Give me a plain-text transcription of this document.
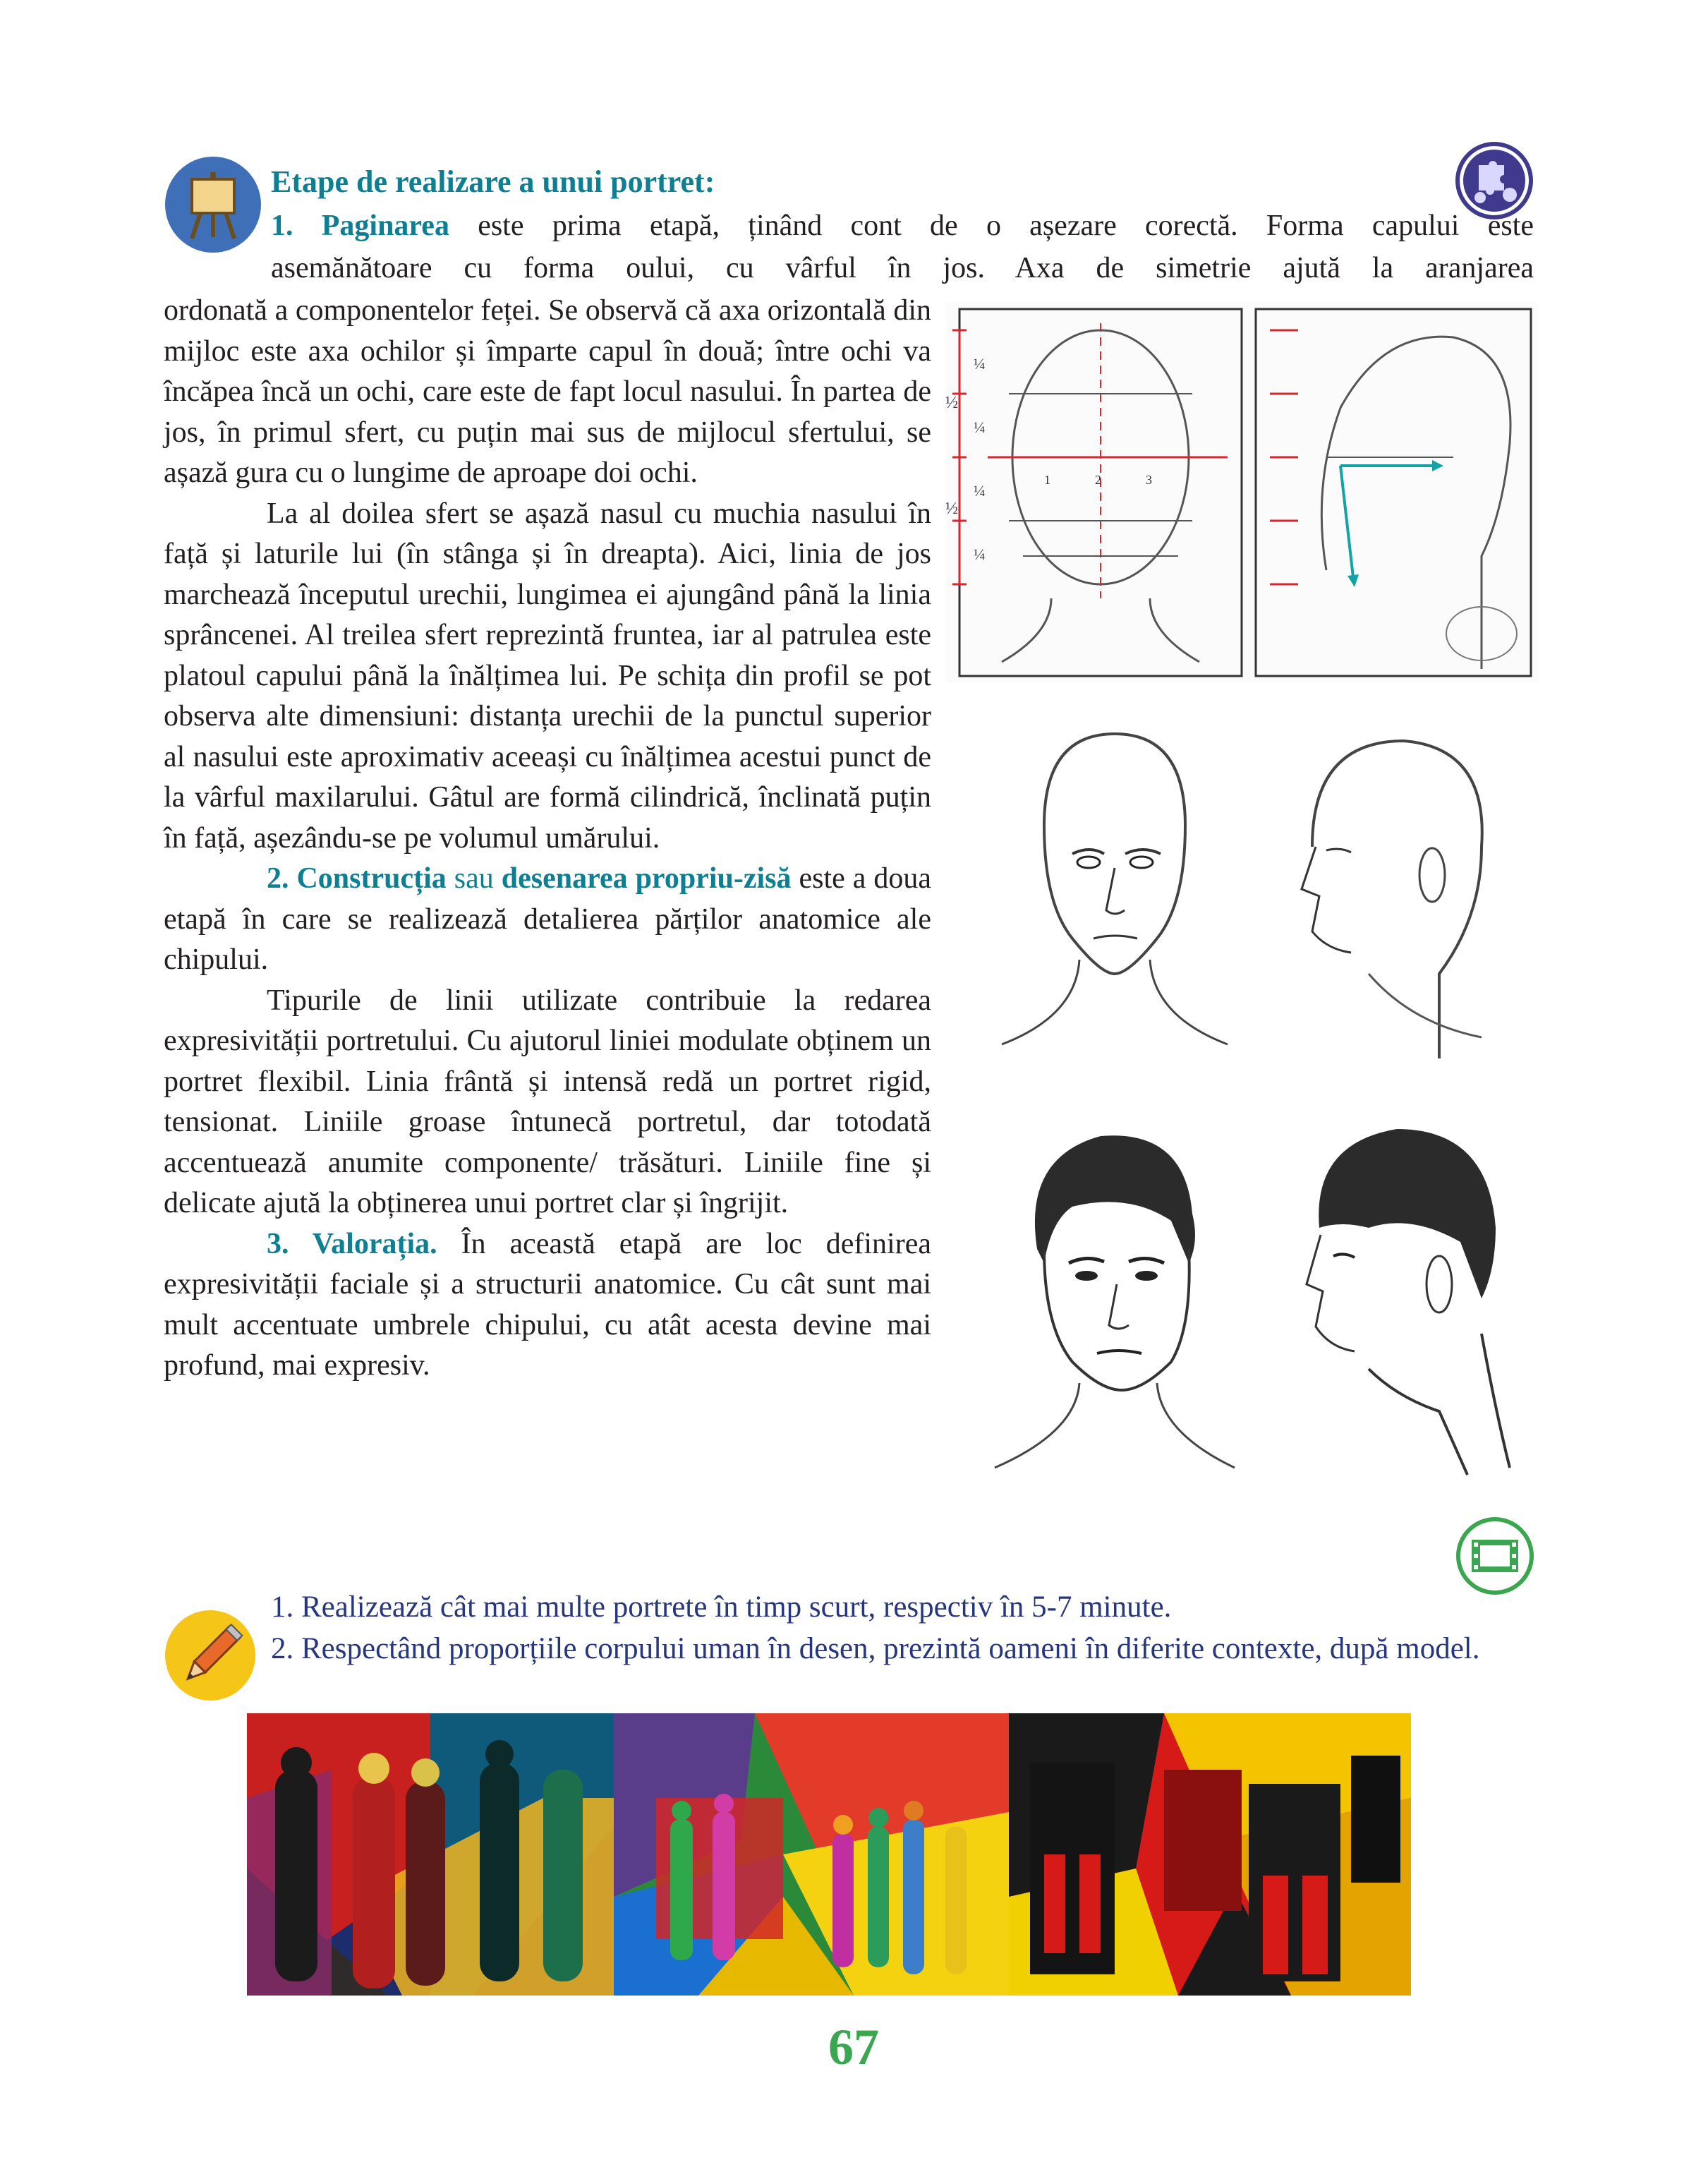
Etape de realizare a unui portret:
1. Paginarea este prima etapă, ținând cont de o așezare corectă. Forma capului este
asemănătoare cu forma oului, cu vârful în jos. Axa de simetrie ajută la aranjarea

ordonată a componentelor feței. Se observă că axa orizontală din mijloc este axa ochilor și împarte capul în două; între ochi va încăpea încă un ochi, care este de fapt locul nasului. În partea de jos, în primul sfert, cu puțin mai sus de mijlocul sfertului, se așază gura cu o lungime de aproape doi ochi.

La al doilea sfert se așază nasul cu muchia nasului în față și laturile lui (în stânga și în dreapta). Aici, linia de jos marchează începutul urechii, lungimea ei ajungând până la linia sprâncenei. Al treilea sfert reprezintă fruntea, iar al patrulea este platoul capului până la înălțimea lui. Pe schița din profil se pot observa alte dimensiuni: distanța urechii de la punctul superior al nasului este aproximativ aceeași cu înălțimea acestui punct de la vârful maxilarului. Gâtul are formă cilindrică, înclinată puțin în față, așezându-se pe volumul umărului.

2. Construcția sau desenarea propriu-zisă este a doua etapă în care se realizează detalierea părților anatomice ale chipului.

Tipurile de linii utilizate contribuie la redarea expresivității portretului. Cu ajutorul liniei modulate obținem un portret flexibil. Linia frântă și intensă redă un portret rigid, tensionat. Liniile groase întunecă portretul, dar totodată accentuează anumite componente/ trăsături. Liniile fine și delicate ajută la obținerea unui portret clar și îngrijit.

3. Valorația. În această etapă are loc definirea expresivității faciale și a structurii anatomice. Cu cât sunt mai mult accentuate umbrele chipului, cu atât acesta devine mai profund, mai expresiv.

¼
¼
¼
¼
½
½
1	2	3
1. Realizează cât mai multe portrete în timp scurt, respectiv în 5-7 minute.
2. Respectând proporțiile corpului uman în desen, prezintă oameni în diferite contexte, după model.
67
